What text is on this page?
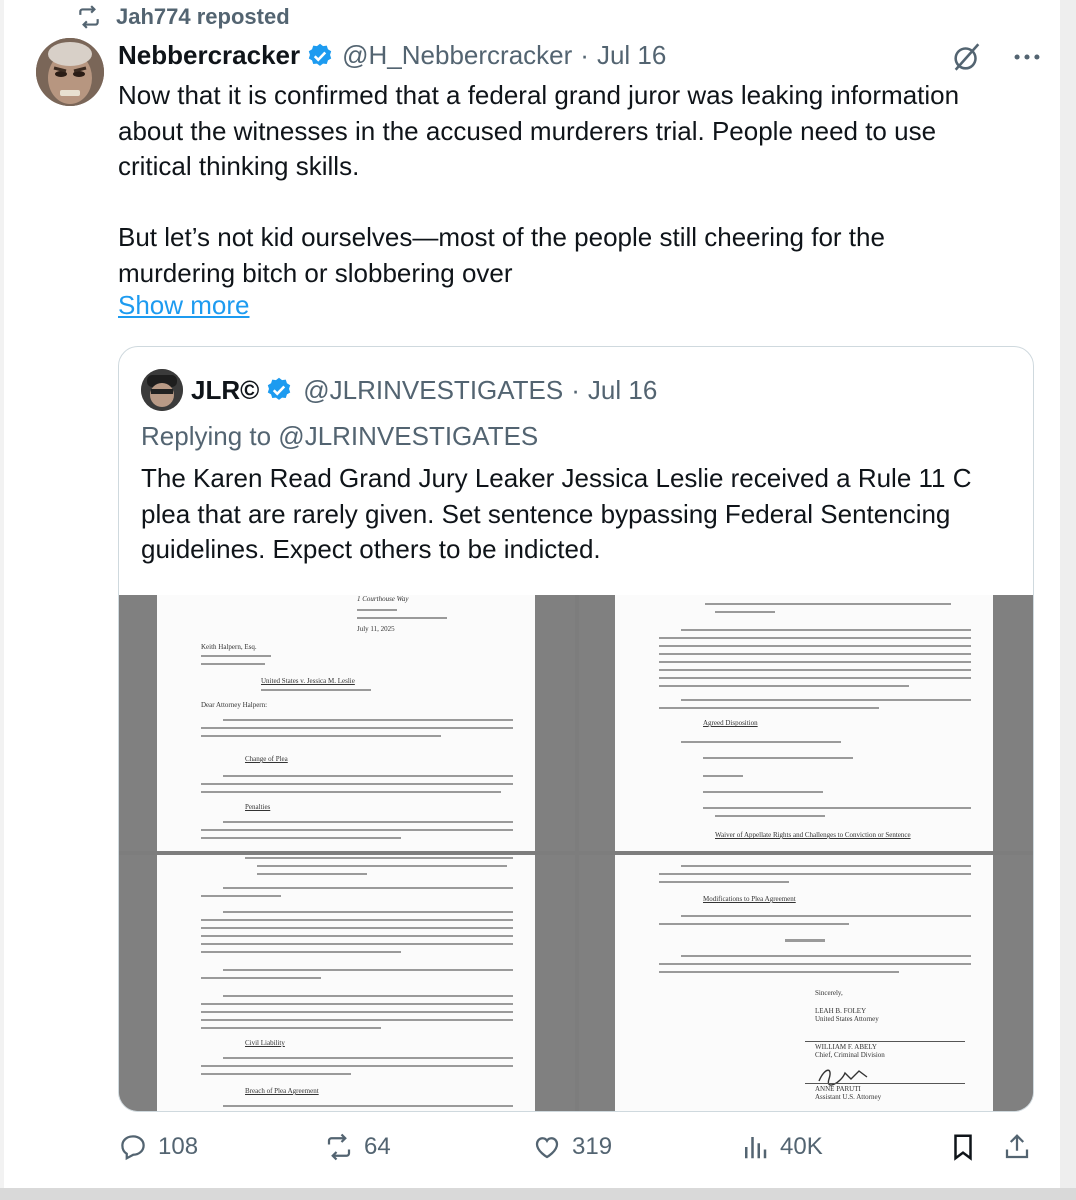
Jah774 reposted
Nebbercracker @H_Nebbercracker · Jul 16

Now that it is confirmed that a federal grand juror was leaking information

about the witnesses in the accused murderers trial. People need to use

critical thinking skills.

But let’s not kid ourselves—most of the people still cheering for the

murdering bitch or slobbering over

Show more
JLR© @JLRINVESTIGATES · Jul 16
Replying to @JLRINVESTIGATES

The Karen Read Grand Jury Leaker Jessica Leslie received a Rule 11 C

plea that are rarely given. Set sentence bypassing Federal Sentencing

guidelines. Expect others to be indicted.

1 Courthouse Way
July 11, 2025
Keith Halpern, Esq.
United States v. Jessica M. Leslie
Dear Attorney Halpern:
Change of Plea
Penalties
Agreed Disposition
Waiver of Appellate Rights and Challenges to Conviction or Sentence
Civil Liability
Breach of Plea Agreement
Modifications to Plea Agreement
Sincerely,
LEAH B. FOLEY
United States Attorney
WILLIAM F. ABELY
Chief, Criminal Division
ANNE PARUTI
Assistant U.S. Attorney
108	64	319	40K
